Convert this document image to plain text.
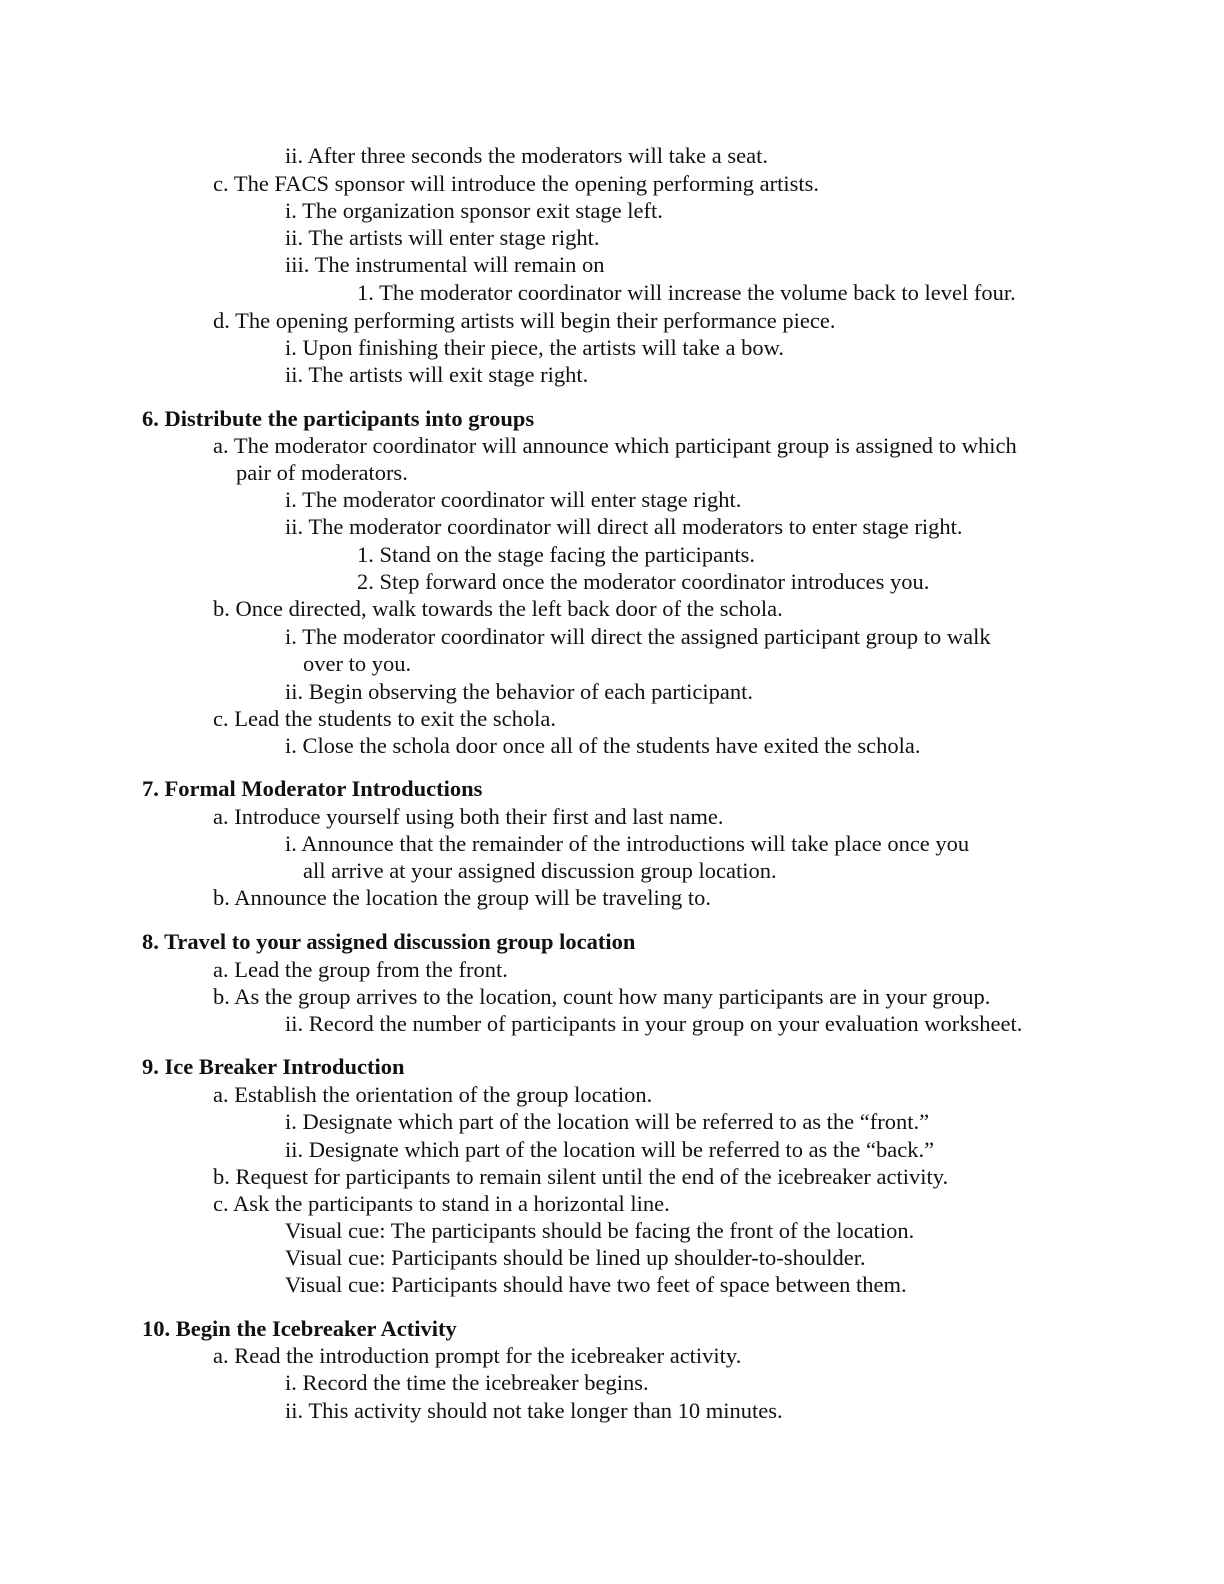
ii. After three seconds the moderators will take a seat.
c. The FACS sponsor will introduce the opening performing artists.
i. The organization sponsor exit stage left.
ii. The artists will enter stage right.
iii. The instrumental will remain on
1. The moderator coordinator will increase the volume back to level four.
d. The opening performing artists will begin their performance piece.
i. Upon finishing their piece, the artists will take a bow.
ii. The artists will exit stage right.
6. Distribute the participants into groups
a. The moderator coordinator will announce which participant group is assigned to which
pair of moderators.
i. The moderator coordinator will enter stage right.
ii. The moderator coordinator will direct all moderators to enter stage right.
1. Stand on the stage facing the participants.
2. Step forward once the moderator coordinator introduces you.
b. Once directed, walk towards the left back door of the schola.
i. The moderator coordinator will direct the assigned participant group to walk
over to you.
ii. Begin observing the behavior of each participant.
c. Lead the students to exit the schola.
i. Close the schola door once all of the students have exited the schola.
7. Formal Moderator Introductions
a. Introduce yourself using both their first and last name.
i. Announce that the remainder of the introductions will take place once you
all arrive at your assigned discussion group location.
b. Announce the location the group will be traveling to.
8. Travel to your assigned discussion group location
a. Lead the group from the front.
b. As the group arrives to the location, count how many participants are in your group.
ii. Record the number of participants in your group on your evaluation worksheet.
9. Ice Breaker Introduction
a. Establish the orientation of the group location.
i. Designate which part of the location will be referred to as the “front.”
ii. Designate which part of the location will be referred to as the “back.”
b. Request for participants to remain silent until the end of the icebreaker activity.
c. Ask the participants to stand in a horizontal line.
Visual cue: The participants should be facing the front of the location.
Visual cue: Participants should be lined up shoulder-to-shoulder.
Visual cue: Participants should have two feet of space between them.
10. Begin the Icebreaker Activity
a. Read the introduction prompt for the icebreaker activity.
i. Record the time the icebreaker begins.
ii. This activity should not take longer than 10 minutes.
